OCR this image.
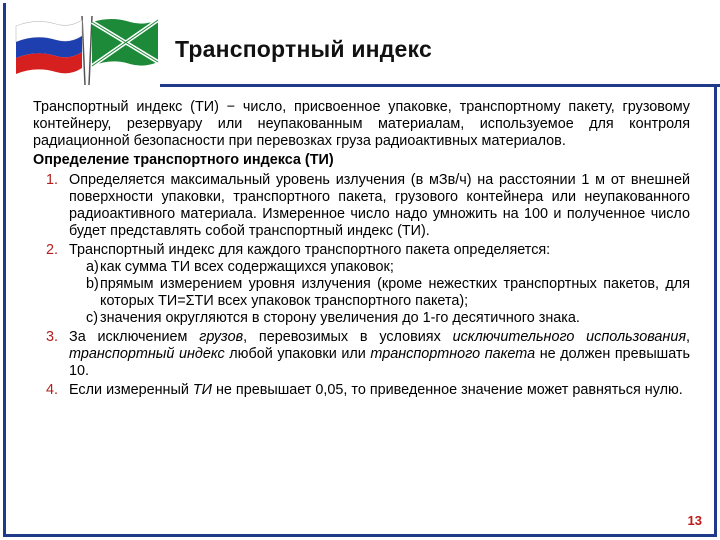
Транспортный индекс

Транспортный индекс (ТИ) − число, присвоенное упаковке, транспортному пакету, грузовому контейнеру, резервуару или неупакованным материалам, используемое для контроля радиационной безопасности при перевозках груза радиоактивных материалов.

Определение транспортного индекса (ТИ)
1. Определяется максимальный уровень излучения (в мЗв/ч) на расстоянии 1 м от внешней поверхности упаковки, транспортного пакета, грузового контейнера или неупакованного радиоактивного материала. Измеренное число надо умножить на 100 и полученное число будет представлять собой транспортный индекс (ТИ).
2. Транспортный индекс для каждого транспортного пакета определяется:
а) как сумма ТИ всех содержащихся упаковок;
b) прямым измерением уровня излучения (кроме нежестких транспортных пакетов, для которых ТИ=ΣТИ всех упаковок транспортного пакета);
c) значения округляются в сторону увеличения до 1-го десятичного знака.
3. За исключением грузов, перевозимых в условиях исключительного использования, транспортный индекс любой упаковки или транспортного пакета не должен превышать 10.
4. Если измеренный ТИ не превышает 0,05, то приведенное значение может равняться нулю.
13
